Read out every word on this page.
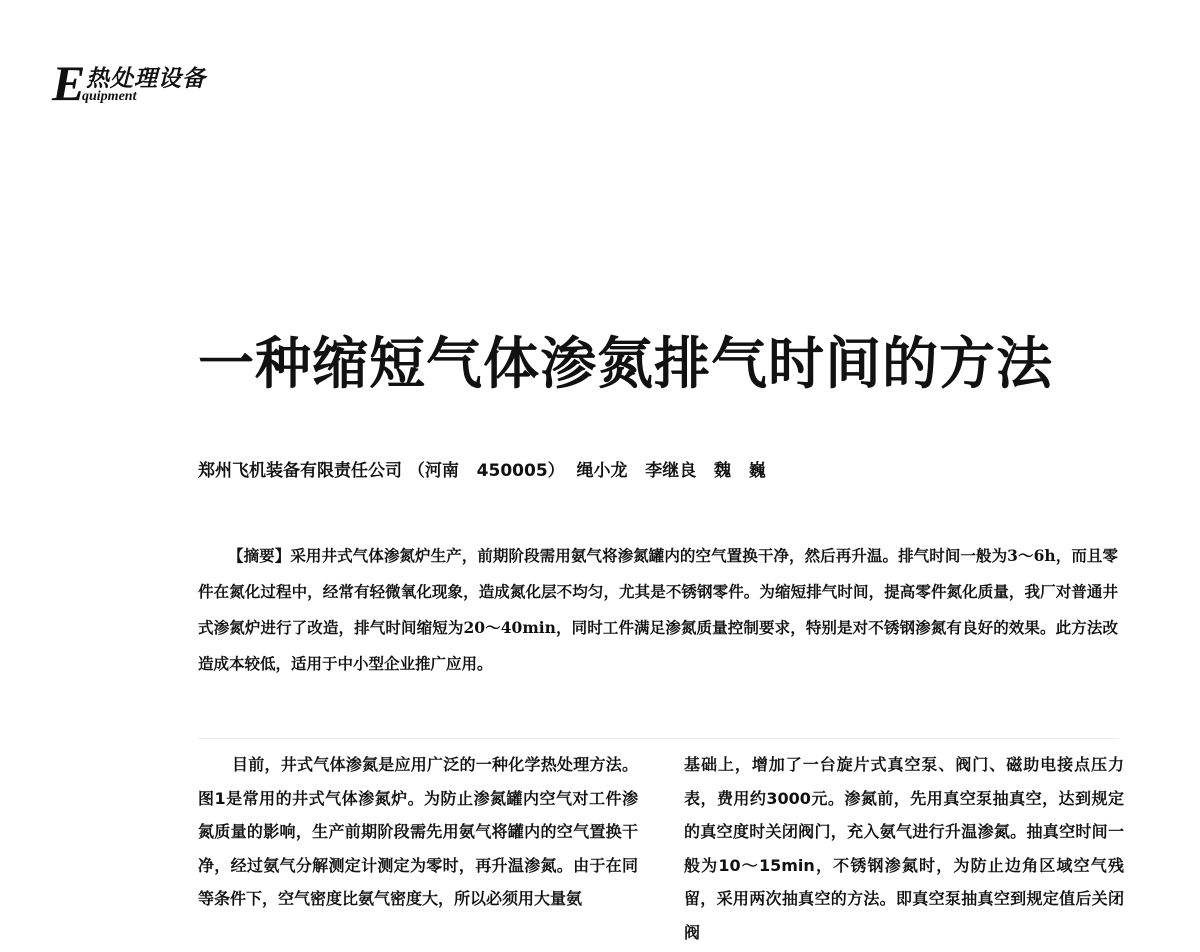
E 热处理设备
quipment
一种缩短气体渗氮排气时间的方法
郑州飞机装备有限责任公司 （河南   450005）  绳小龙   李继良   魏   巍

【摘要】采用井式气体渗氮炉生产，前期阶段需用氨气将渗氮罐内的空气置换干净，然后再升温。排气时间一般为3～6h，而且零件在氮化过程中，经常有轻微氧化现象，造成氮化层不均匀，尤其是不锈钢零件。为缩短排气时间，提高零件氮化质量，我厂对普通井式渗氮炉进行了改造，排气时间缩短为20～40min，同时工件满足渗氮质量控制要求，特别是对不锈钢渗氮有良好的效果。此方法改造成本较低，适用于中小型企业推广应用。

目前，井式气体渗氮是应用广泛的一种化学热处理方法。图1是常用的井式气体渗氮炉。为防止渗氮罐内空气对工件渗氮质量的影响，生产前期阶段需先用氨气将罐内的空气置换干净，经过氨气分解测定计测定为零时，再升温渗氮。由于在同等条件下，空气密度比氨气密度大，所以必须用大量氨

基础上，增加了一台旋片式真空泵、阀门、磁助电接点压力表，费用约3000元。渗氮前，先用真空泵抽真空，达到规定的真空度时关闭阀门，充入氨气进行升温渗氮。抽真空时间一般为10～15min，不锈钢渗氮时，为防止边角区域空气残留，采用两次抽真空的方法。即真空泵抽真空到规定值后关闭阀
